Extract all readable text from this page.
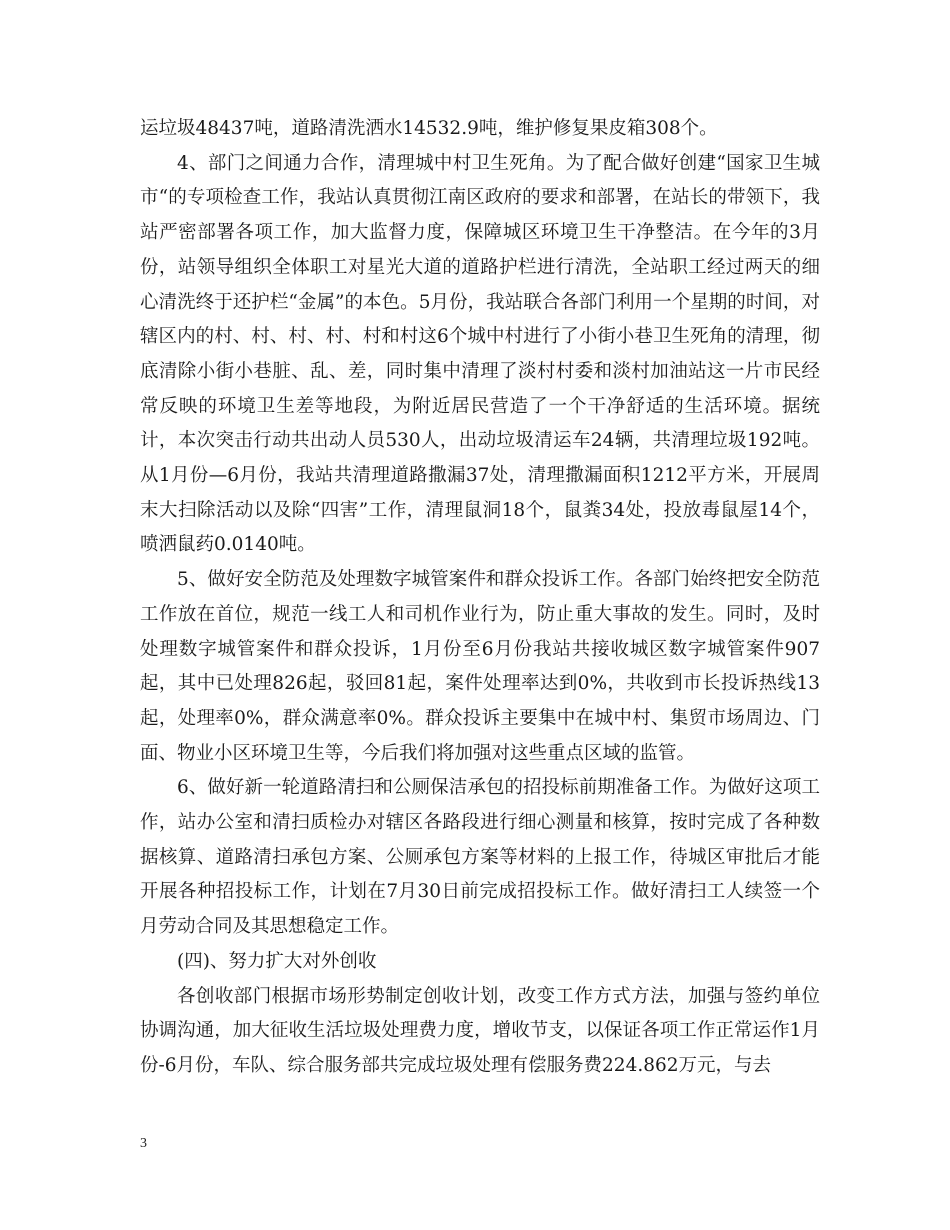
运垃圾48437吨，道路清洗洒水14532.9吨，维护修复果皮箱308个。

4、部门之间通力合作，清理城中村卫生死角。为了配合做好创建“国家卫生城市“的专项检查工作，我站认真贯彻江南区政府的要求和部署，在站长的带领下，我站严密部署各项工作，加大监督力度，保障城区环境卫生干净整洁。在今年的3月份，站领导组织全体职工对星光大道的道路护栏进行清洗，全站职工经过两天的细心清洗终于还护栏“金属”的本色。5月份，我站联合各部门利用一个星期的时间，对辖区内的村、村、村、村、村和村这6个城中村进行了小街小巷卫生死角的清理，彻底清除小街小巷脏、乱、差，同时集中清理了淡村村委和淡村加油站这一片市民经常反映的环境卫生差等地段，为附近居民营造了一个干净舒适的生活环境。据统计，本次突击行动共出动人员530人，出动垃圾清运车24辆，共清理垃圾192吨。从1月份—6月份，我站共清理道路撒漏37处，清理撒漏面积1212平方米，开展周末大扫除活动以及除“四害”工作，清理鼠洞18个，鼠粪34处，投放毒鼠屋14个，喷洒鼠药0.0140吨。

5、做好安全防范及处理数字城管案件和群众投诉工作。各部门始终把安全防范工作放在首位，规范一线工人和司机作业行为，防止重大事故的发生。同时，及时处理数字城管案件和群众投诉，1月份至6月份我站共接收城区数字城管案件907起，其中已处理826起，驳回81起，案件处理率达到0%，共收到市长投诉热线13起，处理率0%，群众满意率0%。群众投诉主要集中在城中村、集贸市场周边、门面、物业小区环境卫生等，今后我们将加强对这些重点区域的监管。

6、做好新一轮道路清扫和公厕保洁承包的招投标前期准备工作。为做好这项工作，站办公室和清扫质检办对辖区各路段进行细心测量和核算，按时完成了各种数据核算、道路清扫承包方案、公厕承包方案等材料的上报工作，待城区审批后才能开展各种招投标工作，计划在7月30日前完成招投标工作。做好清扫工人续签一个月劳动合同及其思想稳定工作。

(四)、努力扩大对外创收

各创收部门根据市场形势制定创收计划，改变工作方式方法，加强与签约单位协调沟通，加大征收生活垃圾处理费力度，增收节支，以保证各项工作正常运作1月份-6月份，车队、综合服务部共完成垃圾处理有偿服务费224.862万元，与去

3
